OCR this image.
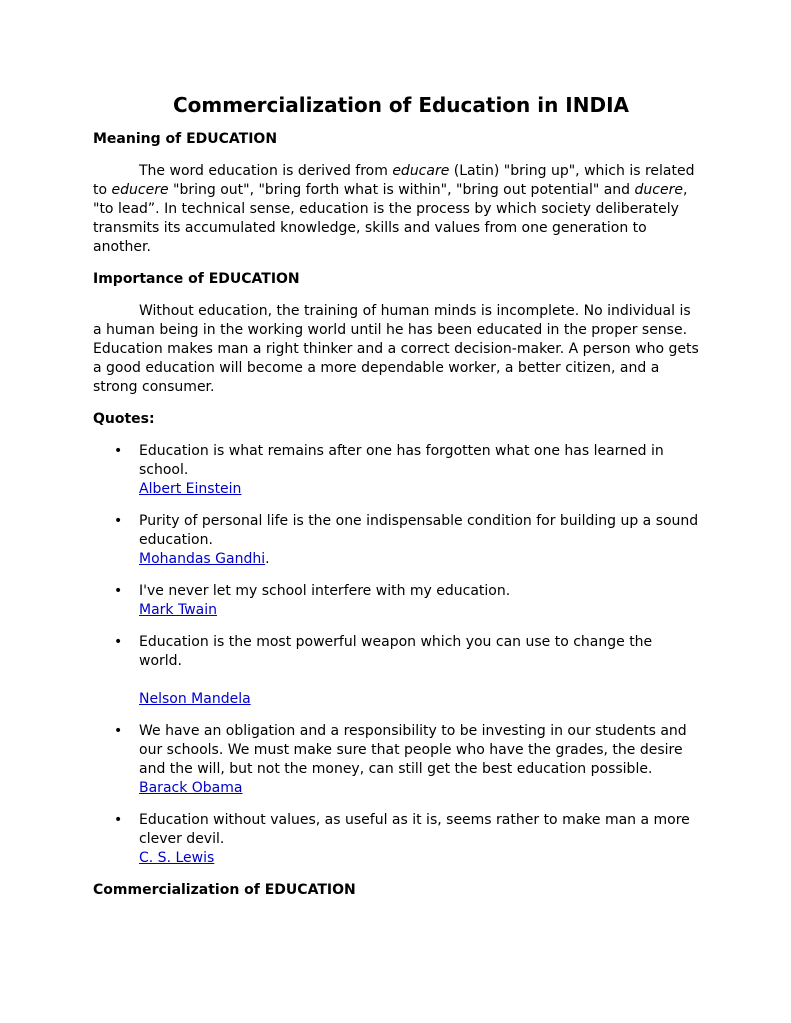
Commercialization of Education in INDIA
Meaning of EDUCATION

The word education is derived from educare (Latin) "bring up", which is related to educere "bring out", "bring forth what is within", "bring out potential" and ducere, "to lead”. In technical sense, education is the process by which society deliberately transmits its accumulated knowledge, skills and values from one generation to another.

Importance of EDUCATION

Without education, the training of human minds is incomplete. No individual is a human being in the working world until he has been educated in the proper sense. Education makes man a right thinker and a correct decision-maker. A person who gets a good education will become a more dependable worker, a better citizen, and a strong consumer.

Quotes:
• Education is what remains after one has forgotten what one has learned in school.
Albert Einstein
• Purity of personal life is the one indispensable condition for building up a sound education.
Mohandas Gandhi.
• I've never let my school interfere with my education.
Mark Twain
• Education is the most powerful weapon which you can use to change the world.
Nelson Mandela
• We have an obligation and a responsibility to be investing in our students and our schools. We must make sure that people who have the grades, the desire and the will, but not the money, can still get the best education possible.
Barack Obama
• Education without values, as useful as it is, seems rather to make man a more clever devil.
C. S. Lewis
Commercialization of EDUCATION
